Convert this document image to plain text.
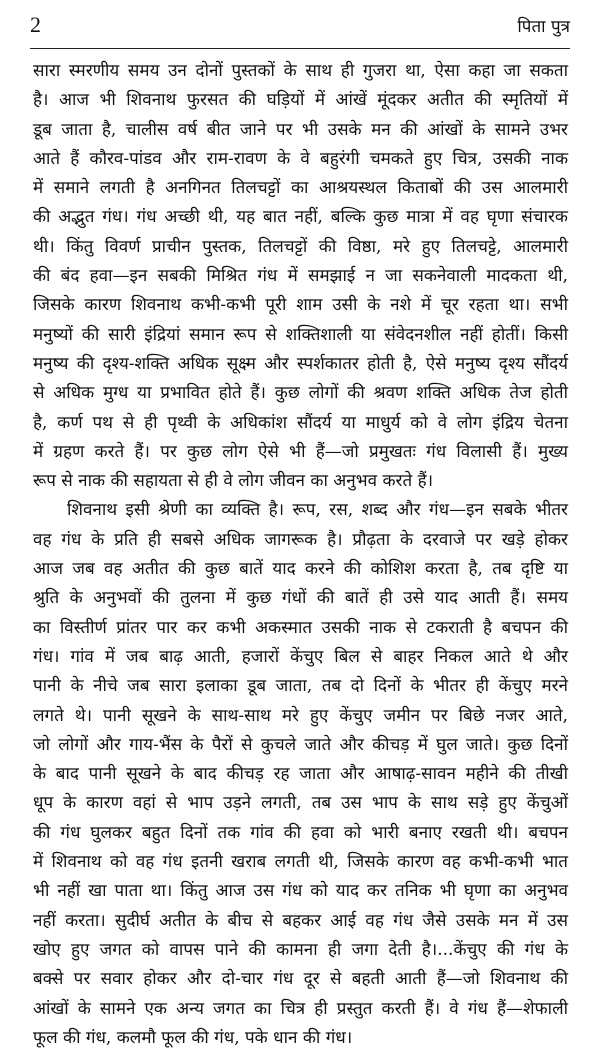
2	पिता पुत्र

सारा स्मरणीय समय उन दोनों पुस्तकों के साथ ही गुजरा था, ऐसा कहा जा सकता
है। आज भी शिवनाथ फुरसत की घड़ियों में आंखें मूंदकर अतीत की स्मृतियों में
डूब जाता है, चालीस वर्ष बीत जाने पर भी उसके मन की आंखों के सामने उभर
आते हैं कौरव-पांडव और राम-रावण के वे बहुरंगी चमकते हुए चित्र, उसकी नाक
में समाने लगती है अनगिनत तिलचट्टों का आश्रयस्थल किताबों की उस आलमारी
की अद्भुत गंध। गंध अच्छी थी, यह बात नहीं, बल्कि कुछ मात्रा में वह घृणा संचारक
थी। किंतु विवर्ण प्राचीन पुस्तक, तिलचट्टों की विष्ठा, मरे हुए तिलचट्टे, आलमारी
की बंद हवा—इन सबकी मिश्रित गंध में समझाई न जा सकनेवाली मादकता थी,
जिसके कारण शिवनाथ कभी-कभी पूरी शाम उसी के नशे में चूर रहता था। सभी
मनुष्यों की सारी इंद्रियां समान रूप से शक्तिशाली या संवेदनशील नहीं होतीं। किसी
मनुष्य की दृश्य-शक्ति अधिक सूक्ष्म और स्पर्शकातर होती है, ऐसे मनुष्य दृश्य सौंदर्य
से अधिक मुग्ध या प्रभावित होते हैं। कुछ लोगों की श्रवण शक्ति अधिक तेज होती
है, कर्ण पथ से ही पृथ्वी के अधिकांश सौंदर्य या माधुर्य को वे लोग इंद्रिय चेतना
में ग्रहण करते हैं। पर कुछ लोग ऐसे भी हैं—जो प्रमुखतः गंध विलासी हैं। मुख्य
रूप से नाक की सहायता से ही वे लोग जीवन का अनुभव करते हैं।

शिवनाथ इसी श्रेणी का व्यक्ति है। रूप, रस, शब्द और गंध—इन सबके भीतर
वह गंध के प्रति ही सबसे अधिक जागरूक है। प्रौढ़ता के दरवाजे पर खड़े होकर
आज जब वह अतीत की कुछ बातें याद करने की कोशिश करता है, तब दृष्टि या
श्रुति के अनुभवों की तुलना में कुछ गंधों की बातें ही उसे याद आती हैं। समय
का विस्तीर्ण प्रांतर पार कर कभी अकस्मात उसकी नाक से टकराती है बचपन की
गंध। गांव में जब बाढ़ आती, हजारों केंचुए बिल से बाहर निकल आते थे और
पानी के नीचे जब सारा इलाका डूब जाता, तब दो दिनों के भीतर ही केंचुए मरने
लगते थे। पानी सूखने के साथ-साथ मरे हुए केंचुए जमीन पर बिछे नजर आते,
जो लोगों और गाय-भैंस के पैरों से कुचले जाते और कीचड़ में घुल जाते। कुछ दिनों
के बाद पानी सूखने के बाद कीचड़ रह जाता और आषाढ़-सावन महीने की तीखी
धूप के कारण वहां से भाप उड़ने लगती, तब उस भाप के साथ सड़े हुए केंचुओं
की गंध घुलकर बहुत दिनों तक गांव की हवा को भारी बनाए रखती थी। बचपन
में शिवनाथ को वह गंध इतनी खराब लगती थी, जिसके कारण वह कभी-कभी भात
भी नहीं खा पाता था। किंतु आज उस गंध को याद कर तनिक भी घृणा का अनुभव
नहीं करता। सुदीर्घ अतीत के बीच से बहकर आई वह गंध जैसे उसके मन में उस
खोए हुए जगत को वापस पाने की कामना ही जगा देती है।...केंचुए की गंध के
बक्से पर सवार होकर और दो-चार गंध दूर से बहती आती हैं—जो शिवनाथ की
आंखों के सामने एक अन्य जगत का चित्र ही प्रस्तुत करती हैं। वे गंध हैं—शेफाली
फूल की गंध, कलमौ फूल की गंध, पके धान की गंध।
